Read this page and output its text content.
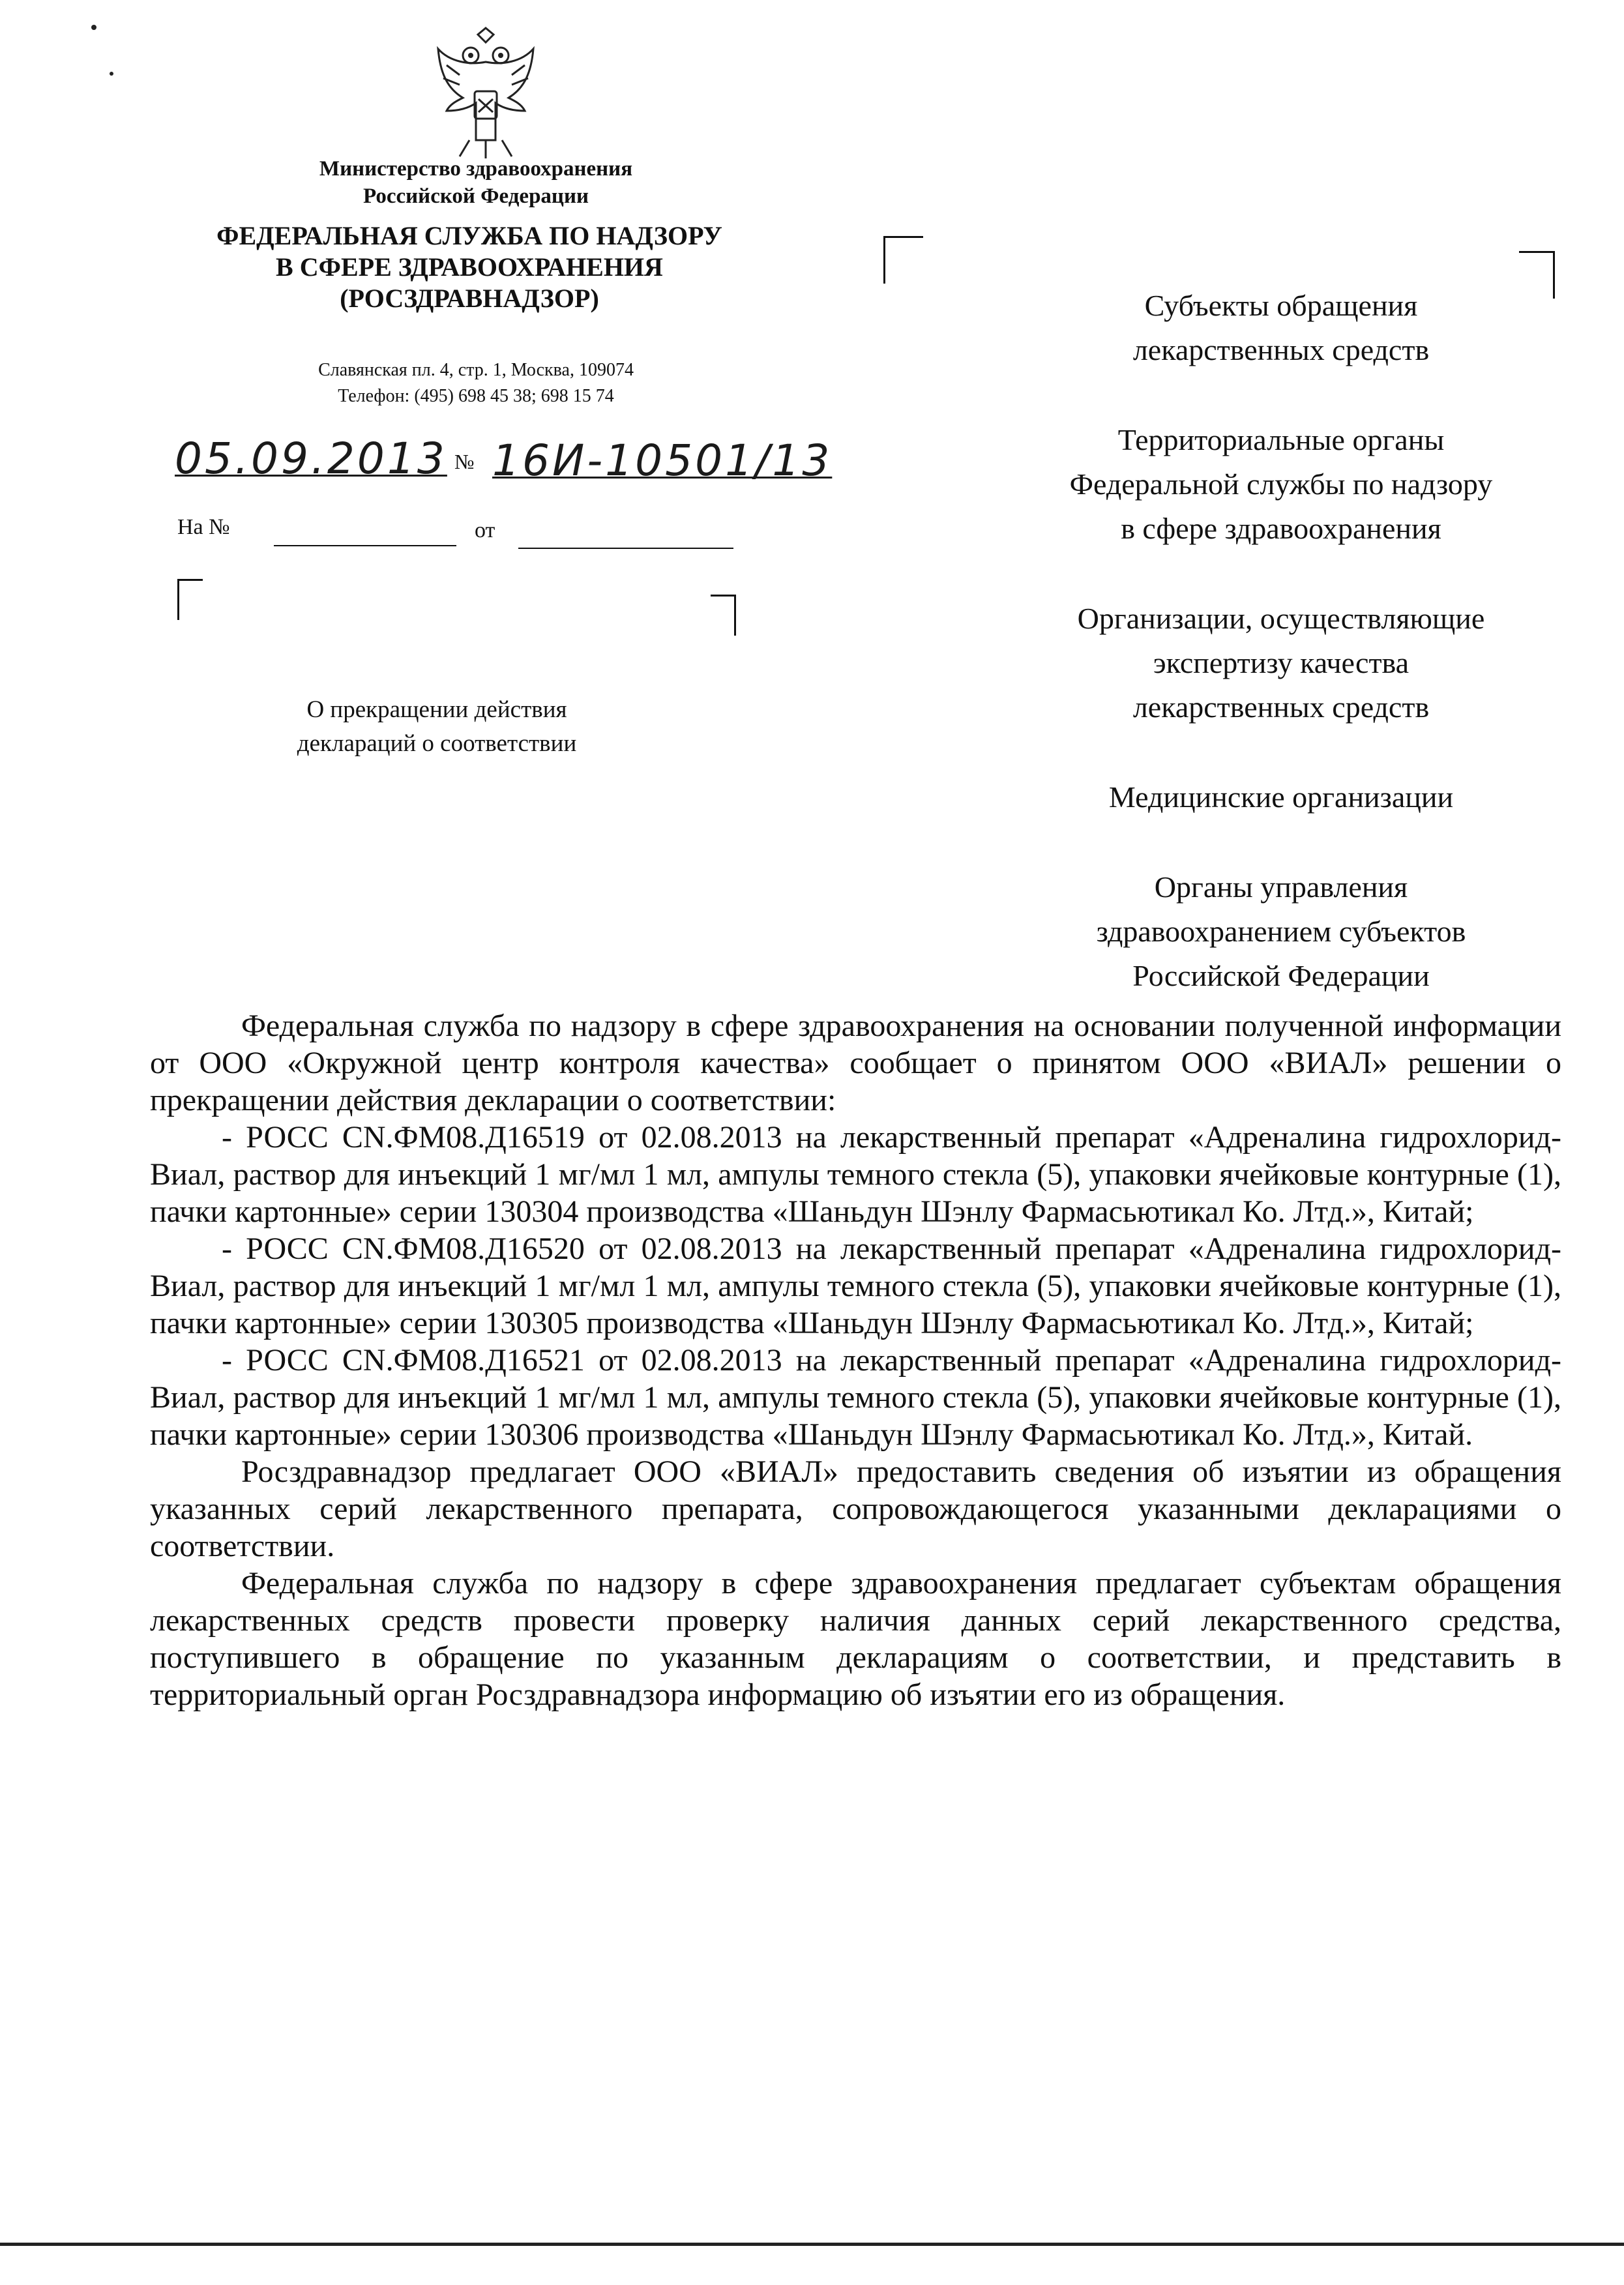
Министерство здравоохранения
Российской Федерации
ФЕДЕРАЛЬНАЯ СЛУЖБА ПО НАДЗОРУ
В СФЕРЕ ЗДРАВООХРАНЕНИЯ
(РОСЗДРАВНАДЗОР)
Славянская пл. 4, стр. 1, Москва, 109074
Телефон: (495) 698 45 38; 698 15 74
05.09.2013 № 16И-10501/13
На №	от
О прекращении действия
деклараций о соответствии
Субъекты обращения
лекарственных средств
Территориальные органы
Федеральной службы по надзору
в сфере здравоохранения
Организации, осуществляющие
экспертизу качества
лекарственных средств
Медицинские организации
Органы управления
здравоохранением субъектов
Российской Федерации

Федеральная служба по надзору в сфере здравоохранения на основании полученной информации от ООО «Окружной центр контроля качества» сообщает о принятом ООО «ВИАЛ» решении о прекращении действия декларации о соответствии:

- РОСС CN.ФМ08.Д16519 от 02.08.2013 на лекарственный препарат «Адреналина гидрохлорид-Виал, раствор для инъекций 1 мг/мл 1 мл, ампулы темного стекла (5), упаковки ячейковые контурные (1), пачки картонные» серии 130304 производства «Шаньдун Шэнлу Фармасьютикал Ко. Лтд.», Китай;

- РОСС CN.ФМ08.Д16520 от 02.08.2013 на лекарственный препарат «Адреналина гидрохлорид-Виал, раствор для инъекций 1 мг/мл 1 мл, ампулы темного стекла (5), упаковки ячейковые контурные (1), пачки картонные» серии 130305 производства «Шаньдун Шэнлу Фармасьютикал Ко. Лтд.», Китай;

- РОСС CN.ФМ08.Д16521 от 02.08.2013 на лекарственный препарат «Адреналина гидрохлорид-Виал, раствор для инъекций 1 мг/мл 1 мл, ампулы темного стекла (5), упаковки ячейковые контурные (1), пачки картонные» серии 130306 производства «Шаньдун Шэнлу Фармасьютикал Ко. Лтд.», Китай.

Росздравнадзор предлагает ООО «ВИАЛ» предоставить сведения об изъятии из обращения указанных серий лекарственного препарата, сопровождающегося указанными декларациями о соответствии.

Федеральная служба по надзору в сфере здравоохранения предлагает субъектам обращения лекарственных средств провести проверку наличия данных серий лекарственного средства, поступившего в обращение по указанным декларациям о соответствии, и представить в территориальный орган Росздравнадзора информацию об изъятии его из обращения.
